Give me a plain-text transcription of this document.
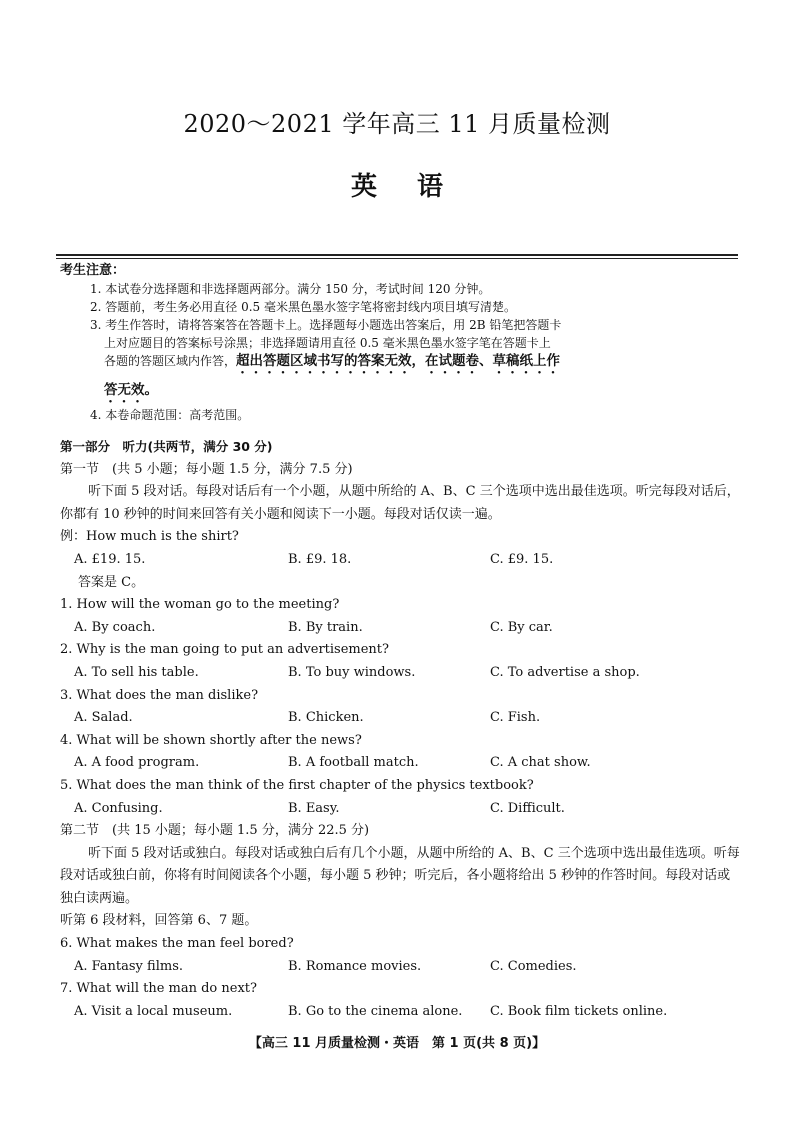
2020～2021 学年高三 11 月质量检测
英语
考生注意：
1. 本试卷分选择题和非选择题两部分。满分 150 分，考试时间 120 分钟。
2. 答题前，考生务必用直径 0.5 毫米黑色墨水签字笔将密封线内项目填写清楚。
3. 考生作答时，请将答案答在答题卡上。选择题每小题选出答案后，用 2B 铅笔把答题卡
上对应题目的答案标号涂黑；非选择题请用直径 0.5 毫米黑色墨水签字笔在答题卡上
各题的答题区域内作答，超出答题区域书写的答案无效，在试题卷、草稿纸上作
答无效。
4. 本卷命题范围：高考范围。
第一部分　听力(共两节，满分 30 分)
第一节　(共 5 小题；每小题 1.5 分，满分 7.5 分)
听下面 5 段对话。每段对话后有一个小题，从题中所给的 A、B、C 三个选项中选出最佳选项。听完每段对话后，你都有 10 秒钟的时间来回答有关小题和阅读下一小题。每段对话仅读一遍。
例：How much is the shirt?
A. £19. 15.	B. £9. 18.	C. £9. 15.
答案是 C。
1. How will the woman go to the meeting?
A. By coach.	B. By train.	C. By car.
2. Why is the man going to put an advertisement?
A. To sell his table.	B. To buy windows.	C. To advertise a shop.
3. What does the man dislike?
A. Salad.	B. Chicken.	C. Fish.
4. What will be shown shortly after the news?
A. A food program.	B. A football match.	C. A chat show.
5. What does the man think of the first chapter of the physics textbook?
A. Confusing.	B. Easy.	C. Difficult.
第二节　(共 15 小题；每小题 1.5 分，满分 22.5 分)
听下面 5 段对话或独白。每段对话或独白后有几个小题，从题中所给的 A、B、C 三个选项中选出最佳选项。听每段对话或独白前，你将有时间阅读各个小题，每小题 5 秒钟；听完后，各小题将给出 5 秒钟的作答时间。每段对话或独白读两遍。
听第 6 段材料，回答第 6、7 题。
6. What makes the man feel bored?
A. Fantasy films.	B. Romance movies.	C. Comedies.
7. What will the man do next?
A. Visit a local museum.	B. Go to the cinema alone. C. Book film tickets online.
【高三 11 月质量检测・英语　第 1 页(共 8 页)】
